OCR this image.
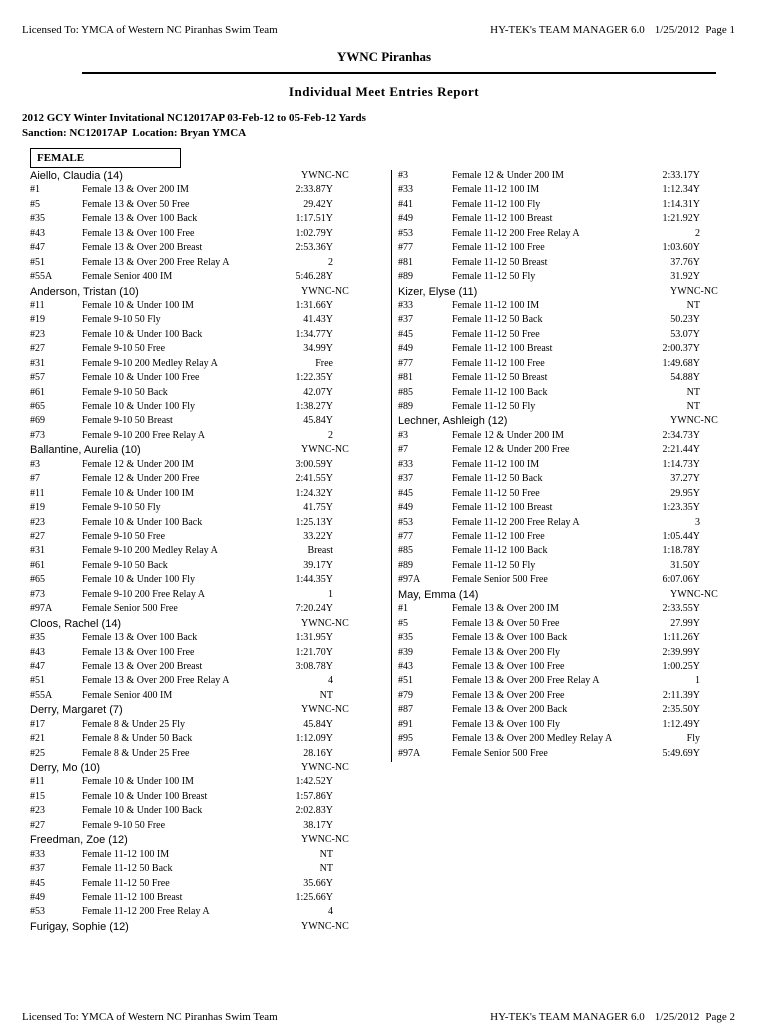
Licensed To: YMCA of Western NC Piranhas Swim Team	HY-TEK's TEAM MANAGER 6.0 1/25/2012 Page 1
YWNC Piranhas
Individual Meet Entries Report
2012 GCY Winter Invitational NC12017AP 03-Feb-12 to 05-Feb-12 Yards
Sanction: NC12017AP  Location: Bryan YMCA
FEMALE
Aiello, Claudia (14)	YWNC-NC
#1	Female 13 & Over 200 IM	2:33.87Y
#5	Female 13 & Over 50 Free	29.42Y
#35	Female 13 & Over 100 Back	1:17.51Y
#43	Female 13 & Over 100 Free	1:02.79Y
#47	Female 13 & Over 200 Breast	2:53.36Y
#51	Female 13 & Over 200 Free Relay A	2
#55A	Female Senior 400 IM	5:46.28Y
Anderson, Tristan (10)	YWNC-NC
#11	Female 10 & Under 100 IM	1:31.66Y
#19	Female 9-10 50 Fly	41.43Y
#23	Female 10 & Under 100 Back	1:34.77Y
#27	Female 9-10 50 Free	34.99Y
#31	Female 9-10 200 Medley Relay A	Free
#57	Female 10 & Under 100 Free	1:22.35Y
#61	Female 9-10 50 Back	42.07Y
#65	Female 10 & Under 100 Fly	1:38.27Y
#69	Female 9-10 50 Breast	45.84Y
#73	Female 9-10 200 Free Relay A	2
Ballantine, Aurelia (10)	YWNC-NC
#3	Female 12 & Under 200 IM	3:00.59Y
#7	Female 12 & Under 200 Free	2:41.55Y
#11	Female 10 & Under 100 IM	1:24.32Y
#19	Female 9-10 50 Fly	41.75Y
#23	Female 10 & Under 100 Back	1:25.13Y
#27	Female 9-10 50 Free	33.22Y
#31	Female 9-10 200 Medley Relay A	Breast
#61	Female 9-10 50 Back	39.17Y
#65	Female 10 & Under 100 Fly	1:44.35Y
#73	Female 9-10 200 Free Relay A	1
#97A	Female Senior 500 Free	7:20.24Y
Cloos, Rachel (14)	YWNC-NC
#35	Female 13 & Over 100 Back	1:31.95Y
#43	Female 13 & Over 100 Free	1:21.70Y
#47	Female 13 & Over 200 Breast	3:08.78Y
#51	Female 13 & Over 200 Free Relay A	4
#55A	Female Senior 400 IM	NT
Derry, Margaret (7)	YWNC-NC
#17	Female 8 & Under 25 Fly	45.84Y
#21	Female 8 & Under 50 Back	1:12.09Y
#25	Female 8 & Under 25 Free	28.16Y
Derry, Mo (10)	YWNC-NC
#11	Female 10 & Under 100 IM	1:42.52Y
#15	Female 10 & Under 100 Breast	1:57.86Y
#23	Female 10 & Under 100 Back	2:02.83Y
#27	Female 9-10 50 Free	38.17Y
Freedman, Zoe (12)	YWNC-NC
#33	Female 11-12 100 IM	NT
#37	Female 11-12 50 Back	NT
#45	Female 11-12 50 Free	35.66Y
#49	Female 11-12 100 Breast	1:25.66Y
#53	Female 11-12 200 Free Relay A	4
Furigay, Sophie (12)	YWNC-NC
#3	Female 12 & Under 200 IM	2:33.17Y
#33	Female 11-12 100 IM	1:12.34Y
#41	Female 11-12 100 Fly	1:14.31Y
#49	Female 11-12 100 Breast	1:21.92Y
#53	Female 11-12 200 Free Relay A	2
#77	Female 11-12 100 Free	1:03.60Y
#81	Female 11-12 50 Breast	37.76Y
#89	Female 11-12 50 Fly	31.92Y
Kizer, Elyse (11)	YWNC-NC
#33	Female 11-12 100 IM	NT
#37	Female 11-12 50 Back	50.23Y
#45	Female 11-12 50 Free	53.07Y
#49	Female 11-12 100 Breast	2:00.37Y
#77	Female 11-12 100 Free	1:49.68Y
#81	Female 11-12 50 Breast	54.88Y
#85	Female 11-12 100 Back	NT
#89	Female 11-12 50 Fly	NT
Lechner, Ashleigh (12)	YWNC-NC
#3	Female 12 & Under 200 IM	2:34.73Y
#7	Female 12 & Under 200 Free	2:21.44Y
#33	Female 11-12 100 IM	1:14.73Y
#37	Female 11-12 50 Back	37.27Y
#45	Female 11-12 50 Free	29.95Y
#49	Female 11-12 100 Breast	1:23.35Y
#53	Female 11-12 200 Free Relay A	3
#77	Female 11-12 100 Free	1:05.44Y
#85	Female 11-12 100 Back	1:18.78Y
#89	Female 11-12 50 Fly	31.50Y
#97A	Female Senior 500 Free	6:07.06Y
May, Emma (14)	YWNC-NC
#1	Female 13 & Over 200 IM	2:33.55Y
#5	Female 13 & Over 50 Free	27.99Y
#35	Female 13 & Over 100 Back	1:11.26Y
#39	Female 13 & Over 200 Fly	2:39.99Y
#43	Female 13 & Over 100 Free	1:00.25Y
#51	Female 13 & Over 200 Free Relay A	1
#79	Female 13 & Over 200 Free	2:11.39Y
#87	Female 13 & Over 200 Back	2:35.50Y
#91	Female 13 & Over 100 Fly	1:12.49Y
#95	Female 13 & Over 200 Medley Relay A	Fly
#97A	Female Senior 500 Free	5:49.69Y
Licensed To: YMCA of Western NC Piranhas Swim Team	HY-TEK's TEAM MANAGER 6.0 1/25/2012 Page 2
